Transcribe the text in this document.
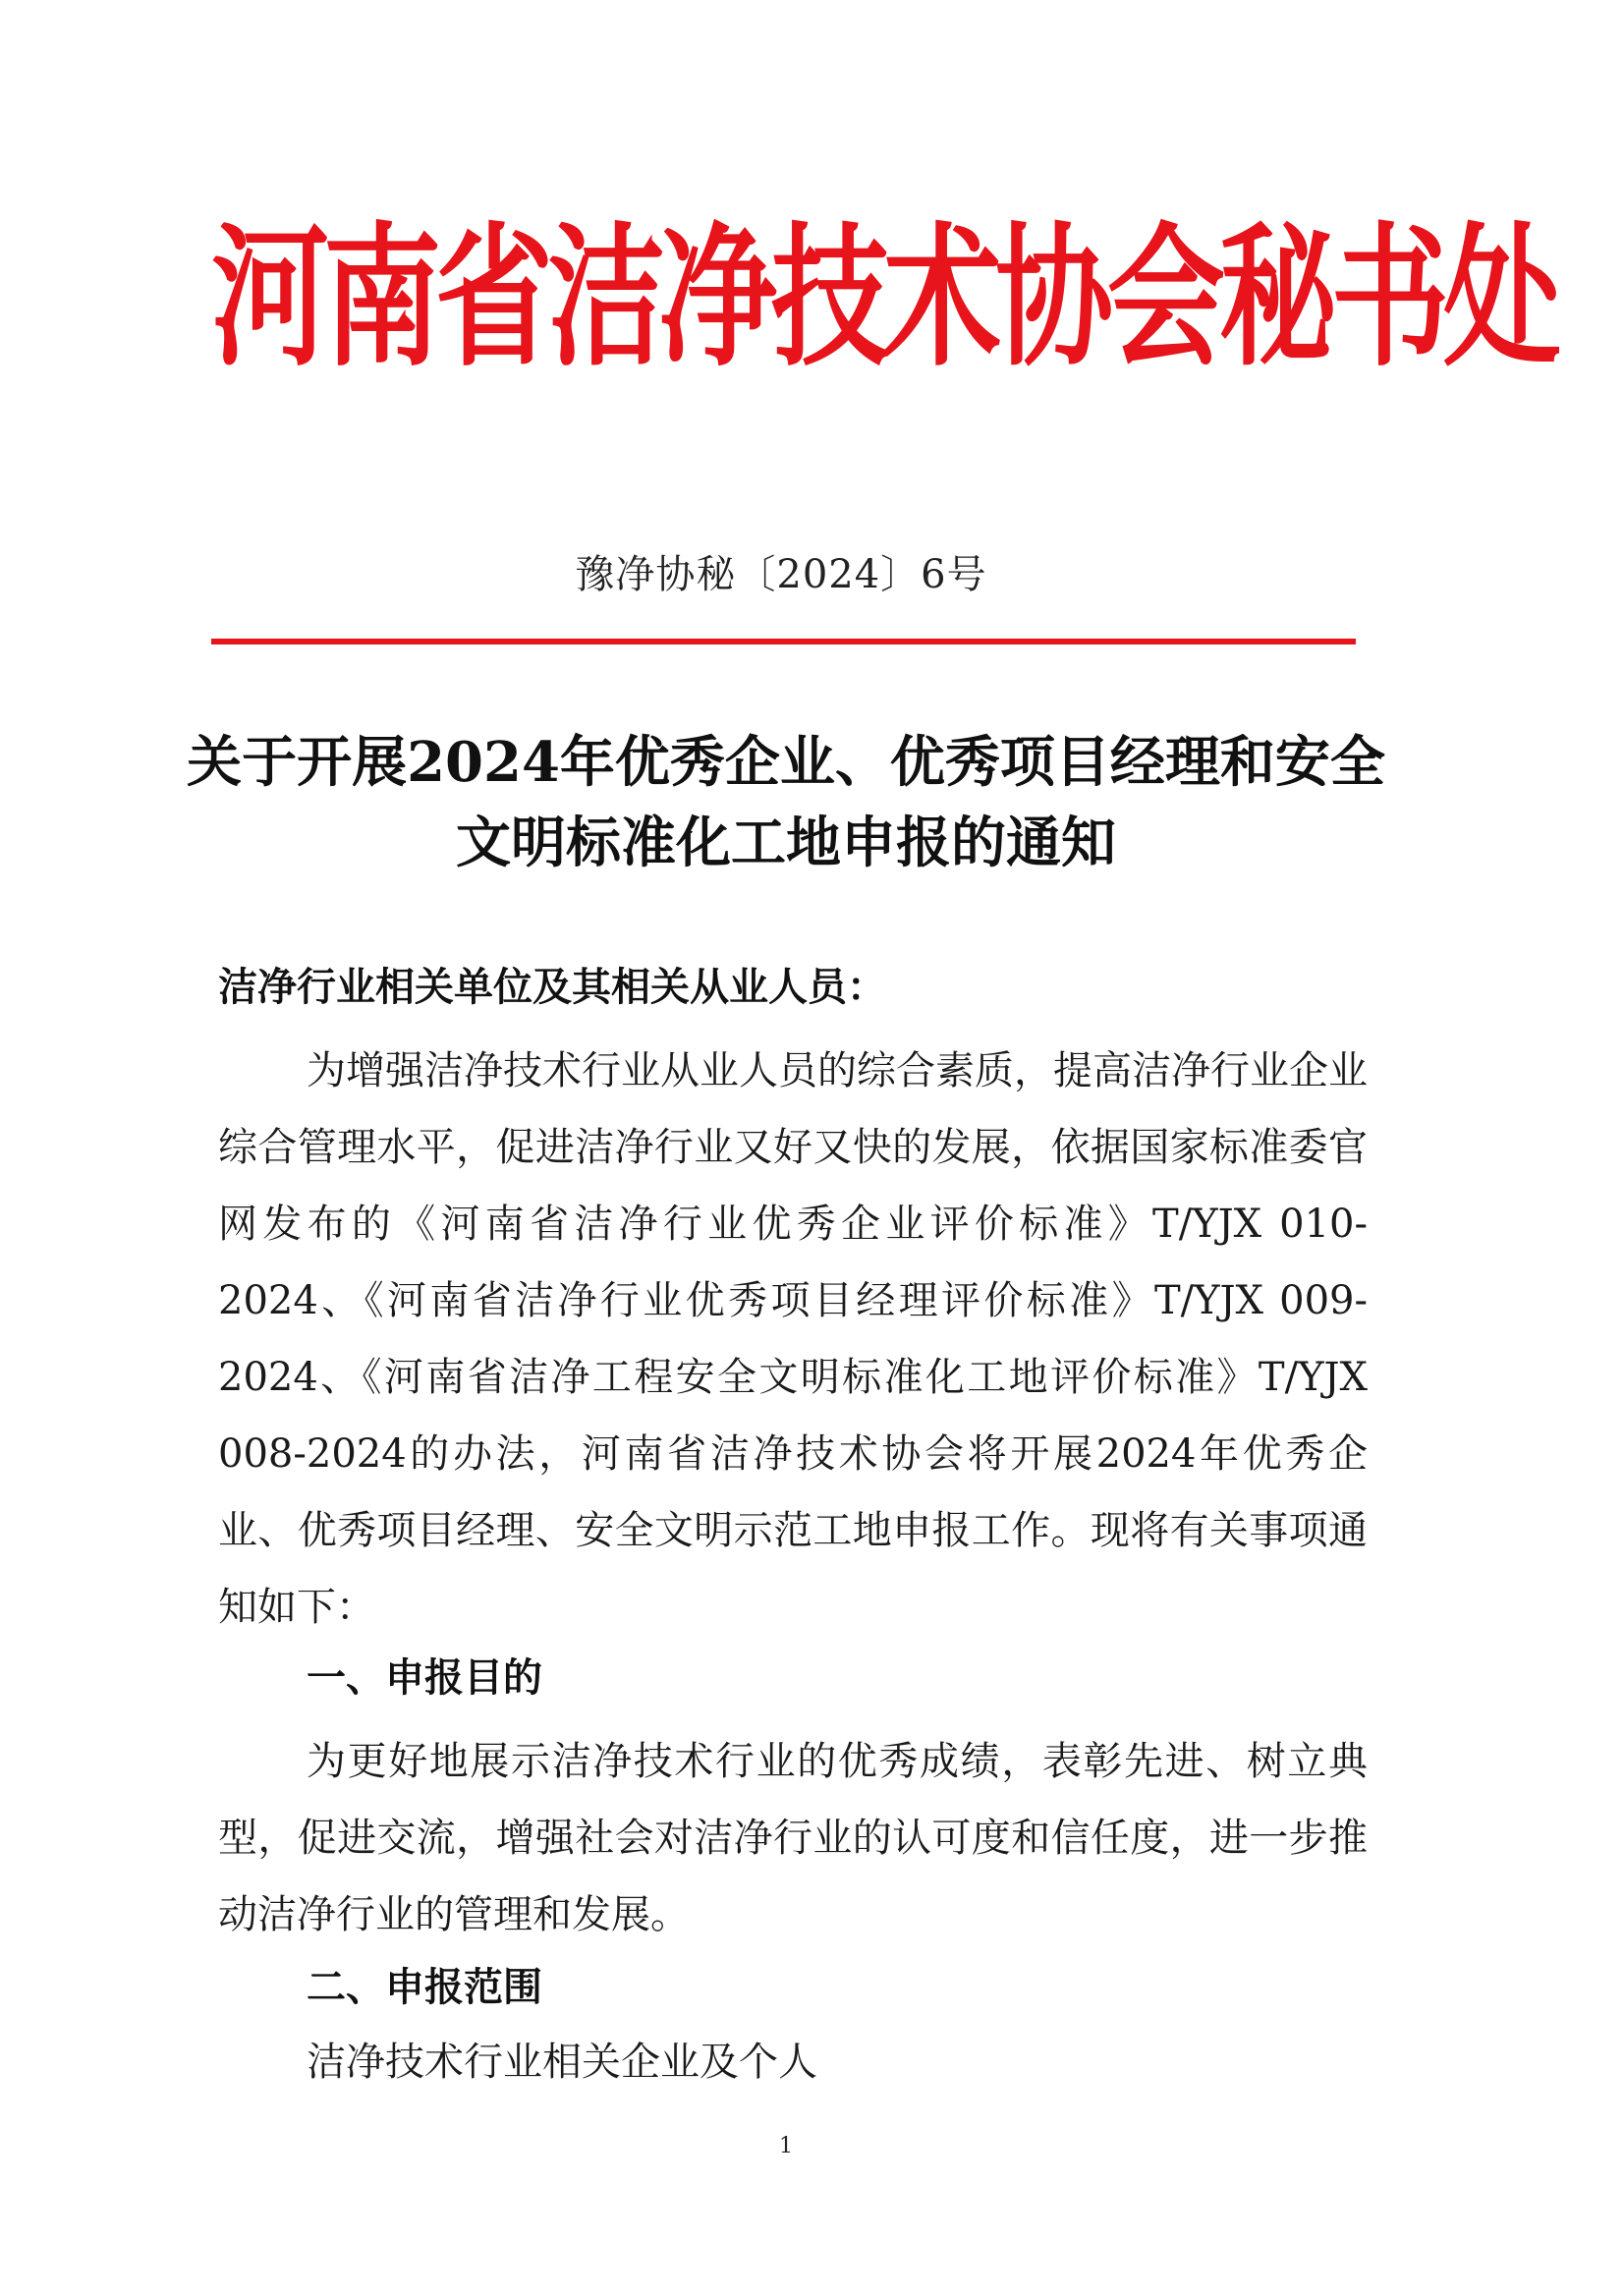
河南省洁净技术协会秘书处
豫净协秘〔2024〕6号
关于开展2024年优秀企业、优秀项目经理和安全文明标准化工地申报的通知
洁净行业相关单位及其相关从业人员：

为增强洁净技术行业从业人员的综合素质，提高洁净行业企业综合管理水平，促进洁净行业又好又快的发展，依据国家标准委官网发布的《河南省洁净行业优秀企业评价标准》T/YJX 010-2024、《河南省洁净行业优秀项目经理评价标准》T/YJX 009-2024、《河南省洁净工程安全文明标准化工地评价标准》T/YJX 008-2024的办法，河南省洁净技术协会将开展2024年优秀企业、优秀项目经理、安全文明示范工地申报工作。现将有关事项通知如下：

一、申报目的

为更好地展示洁净技术行业的优秀成绩，表彰先进、树立典型，促进交流，增强社会对洁净行业的认可度和信任度，进一步推动洁净行业的管理和发展。

二、申报范围

洁净技术行业相关企业及个人

1
